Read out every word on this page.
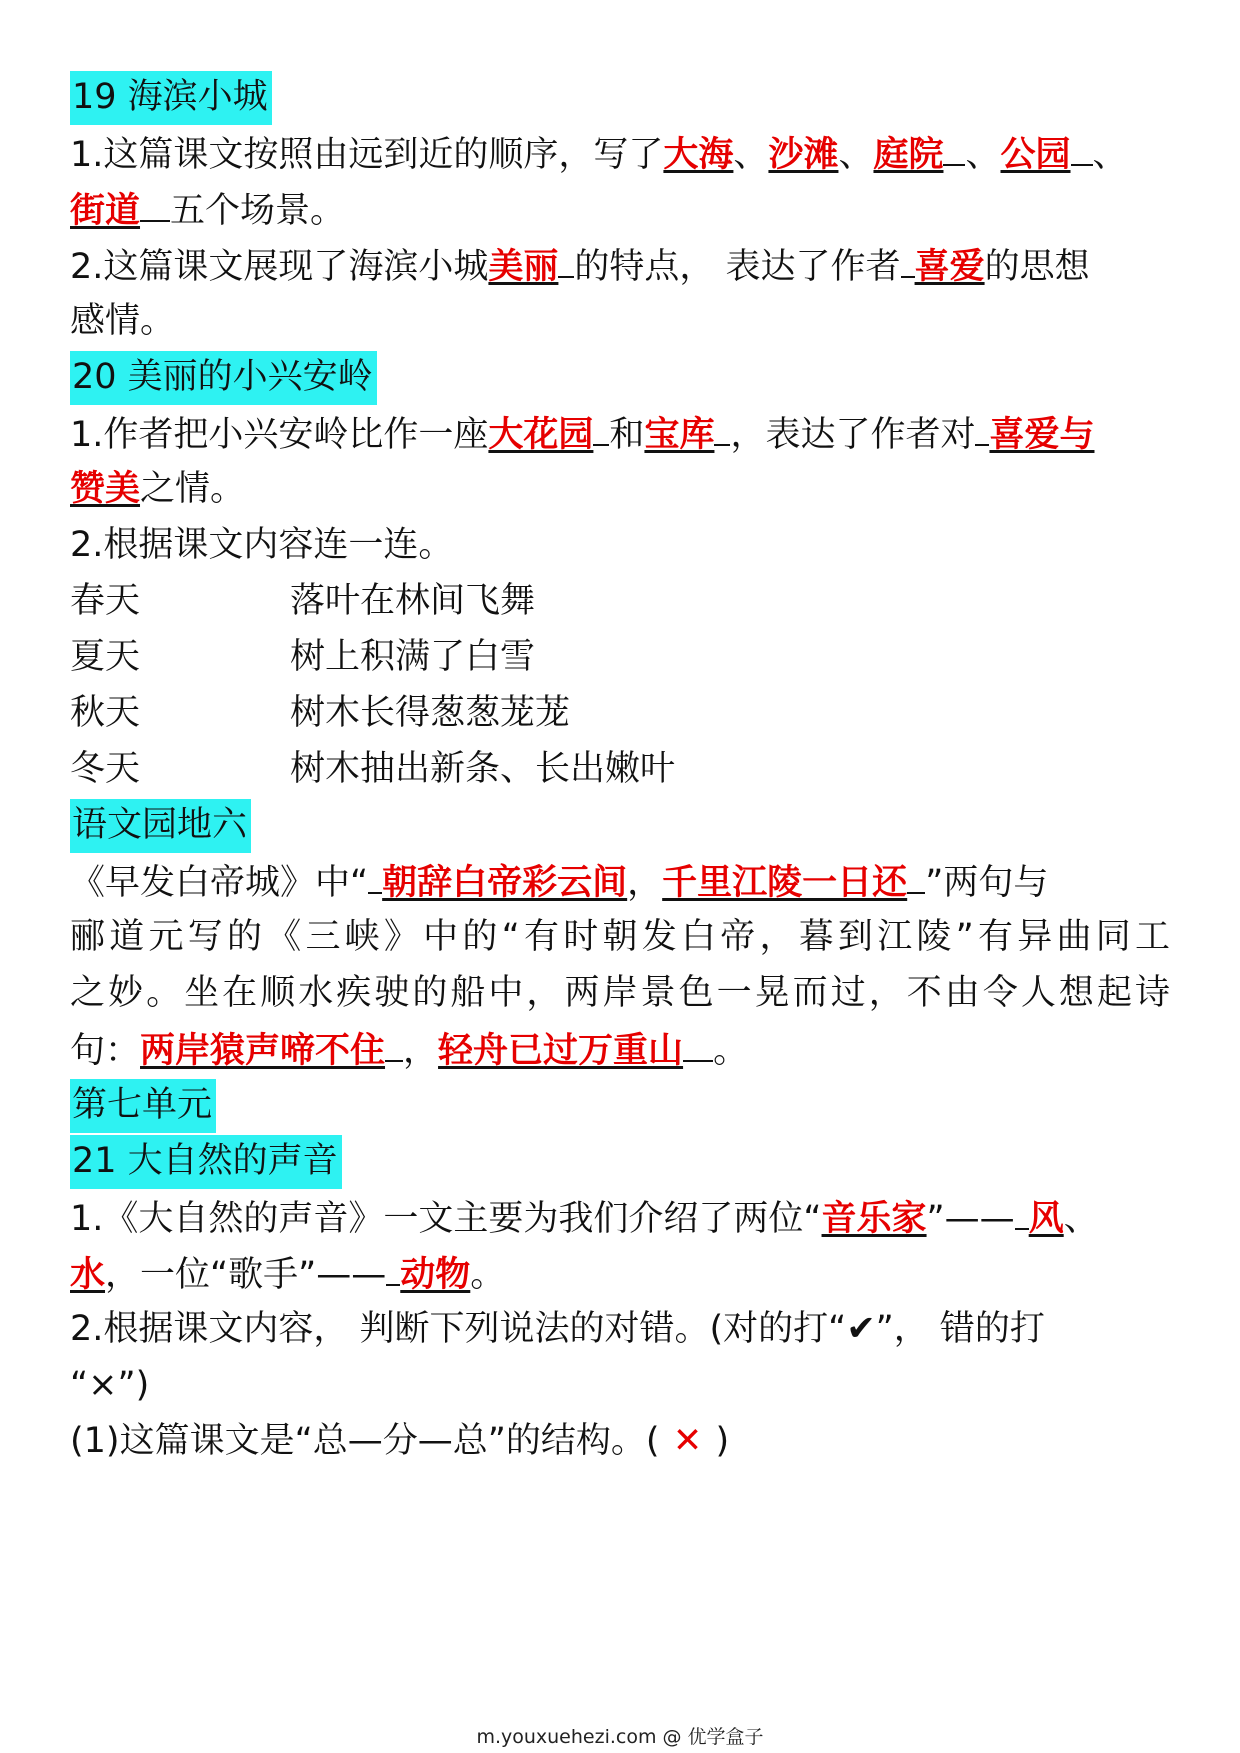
19 海滨小城
1.这篇课文按照由远到近的顺序，写了大海、沙滩、庭院 、公园 、
街道 五个场景。
2.这篇课文展现了海滨小城美丽 的特点， 表达了作者 喜爱的思想
感情。
20 美丽的小兴安岭
1.作者把小兴安岭比作一座大花园 和宝库 ，表达了作者对 喜爱与
赞美之情。
2.根据课文内容连一连。
春天	落叶在林间飞舞
夏天	树上积满了白雪
秋天	树木长得葱葱茏茏
冬天	树木抽出新条、长出嫩叶
语文园地六
《早发白帝城》中“ 朝辞白帝彩云间，千里江陵一日还 ”两句与
郦道元写的《三峡》中的“有时朝发白帝，暮到江陵”有异曲同工
之妙。坐在顺水疾驶的船中，两岸景色一晃而过，不由令人想起诗
句：两岸猿声啼不住 ，轻舟已过万重山 。
第七单元
21 大自然的声音
1.《大自然的声音》一文主要为我们介绍了两位“音乐家”—— 风、
水，一位“歌手”—— 动物。
2.根据课文内容， 判断下列说法的对错。(对的打“✔”， 错的打
“×”)
(1)这篇课文是“总—分—总”的结构。( ✕ )
m.youxuehezi.com @ 优学盒子
